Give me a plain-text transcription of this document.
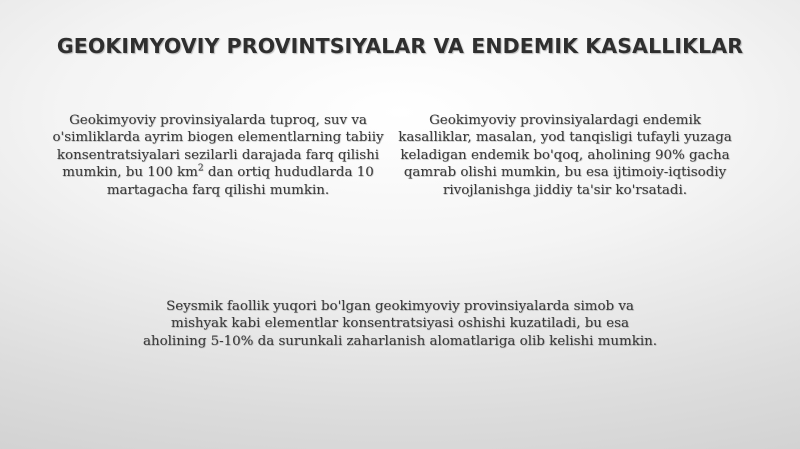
GEOKIMYOVIY PROVINTSIYALAR VA ENDEMIK KASALLIKLAR
Geokimyoviy provinsiyalarda tuproq, suv va o'simliklarda ayrim biogen elementlarning tabiiy konsentratsiyalari sezilarli darajada farq qilishi mumkin, bu 100 $km^2$ dan ortiq hududlarda 10 martagacha farq qilishi mumkin.
Geokimyoviy provinsiyalardagi endemik kasalliklar, masalan, yod tanqisligi tufayli yuzaga keladigan endemik bo'qoq, aholining 90% gacha qamrab olishi mumkin, bu esa ijtimoiy-iqtisodiy rivojlanishga jiddiy ta'sir ko'rsatadi.
Seysmik faollik yuqori bo'lgan geokimyoviy provinsiyalarda simob va mishyak kabi elementlar konsentratsiyasi oshishi kuzatiladi, bu esa aholining 5-10% da surunkali zaharlanish alomatlariga olib kelishi mumkin.
